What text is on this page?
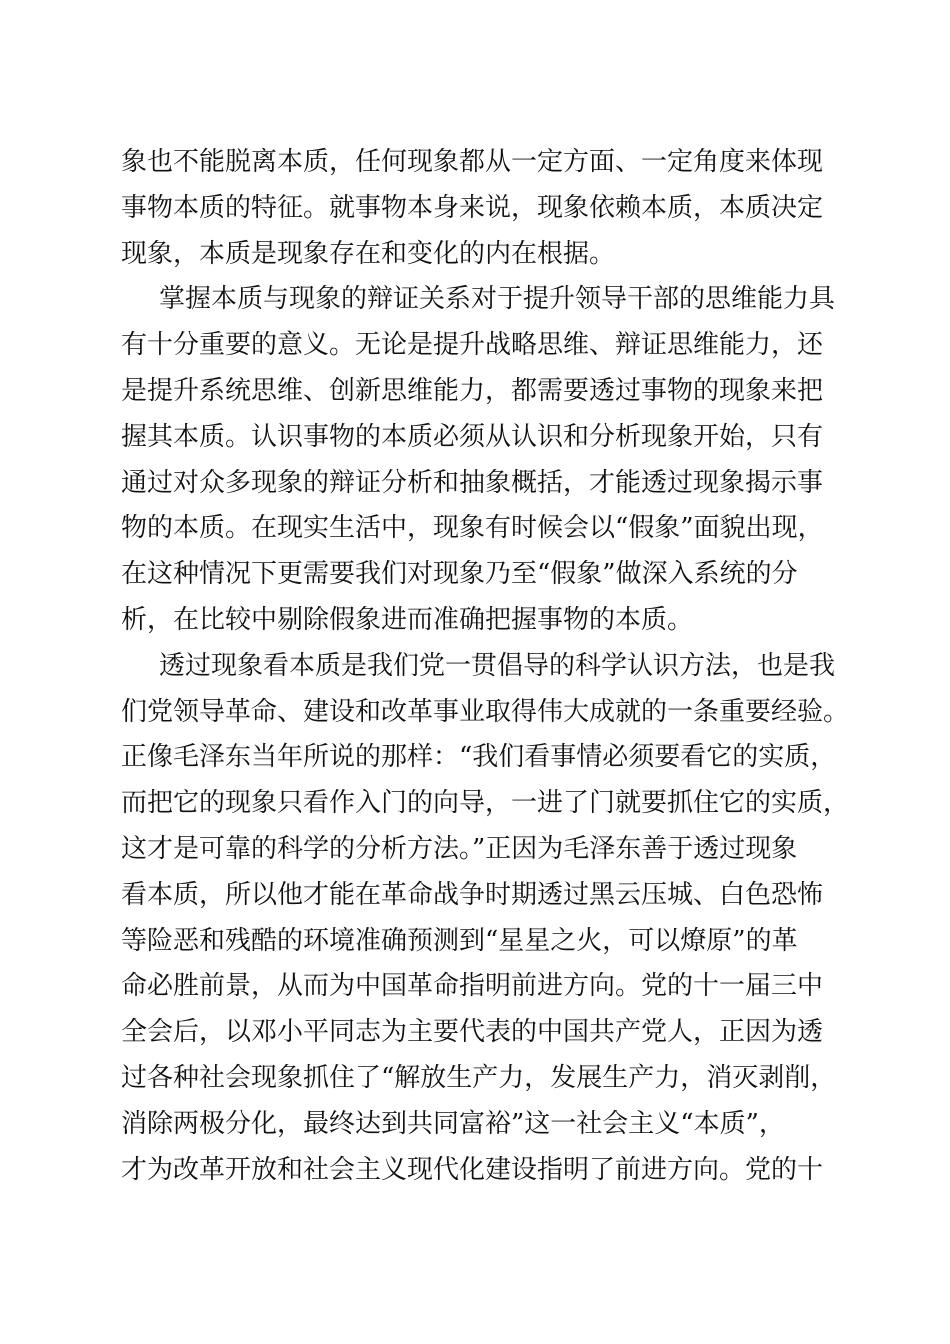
象也不能脱离本质，任何现象都从一定方面、一定角度来体现
事物本质的特征。就事物本身来说，现象依赖本质，本质决定
现象，本质是现象存在和变化的内在根据。
掌握本质与现象的辩证关系对于提升领导干部的思维能力具
有十分重要的意义。无论是提升战略思维、辩证思维能力，还
是提升系统思维、创新思维能力，都需要透过事物的现象来把
握其本质。认识事物的本质必须从认识和分析现象开始，只有
通过对众多现象的辩证分析和抽象概括，才能透过现象揭示事
物的本质。在现实生活中，现象有时候会以“假象”面貌出现，
在这种情况下更需要我们对现象乃至“假象”做深入系统的分
析，在比较中剔除假象进而准确把握事物的本质。
透过现象看本质是我们党一贯倡导的科学认识方法，也是我
们党领导革命、建设和改革事业取得伟大成就的一条重要经验。
正像毛泽东当年所说的那样：“我们看事情必须要看它的实质，
而把它的现象只看作入门的向导，一进了门就要抓住它的实质，
这才是可靠的科学的分析方法。”正因为毛泽东善于透过现象
看本质，所以他才能在革命战争时期透过黑云压城、白色恐怖
等险恶和残酷的环境准确预测到“星星之火，可以燎原”的革
命必胜前景，从而为中国革命指明前进方向。党的十一届三中
全会后，以邓小平同志为主要代表的中国共产党人，正因为透
过各种社会现象抓住了“解放生产力，发展生产力，消灭剥削，
消除两极分化，最终达到共同富裕”这一社会主义“本质”，
才为改革开放和社会主义现代化建设指明了前进方向。党的十
